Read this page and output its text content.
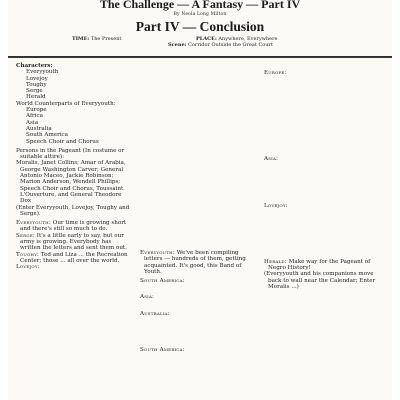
The Challenge — A Fantasy — Part IV
By Neola Long Milton
Part IV — Conclusion
TIME: The Present	PLACE: Anywhere, Everywhere
Scene: Corridor Outside the Great Court

Characters:

Everyyouth

Lovejoy

Toughy

Serge

Herald

World Counterparts of Everyyouth:

Europe

Africa

Asia

Australia

South America

Speech Choir and Chorus

Persons in the Pageant (In costume or suitable attire):

Moralis, Janet Collins; Amar of Arabia, George Washington Carver; General Antonio Maceo, Jackie Robinson; Marion Anderson, Wendell Phillips; Speech Choir and Chorus, Toussaint L'Ouverture, and General Theodore Dox

(Enter Everyyouth, Lovejoy, Toughy and Serge).

Everyyouth: Our time is growing short and there's still so much to do.

Serge: It's a little early to say, but our army is growing. Everybody has written the letters and sent them out.

Toughy: Ted and Liza ... the Recreation Center; those ... all over the world.

Lovejoy:

Everyyouth: We've been compiling letters — hundreds of them, getting acquainted. It's good, this Band of Youth.

South America:

Asia:

Australia:

South America:

Europe:

Asia:

Lovejoy:

Herald: Make way for the Pageant of Negro History!

(Everyyouth and his companions move back to wall near the Calendar; Enter Moralis ...)
